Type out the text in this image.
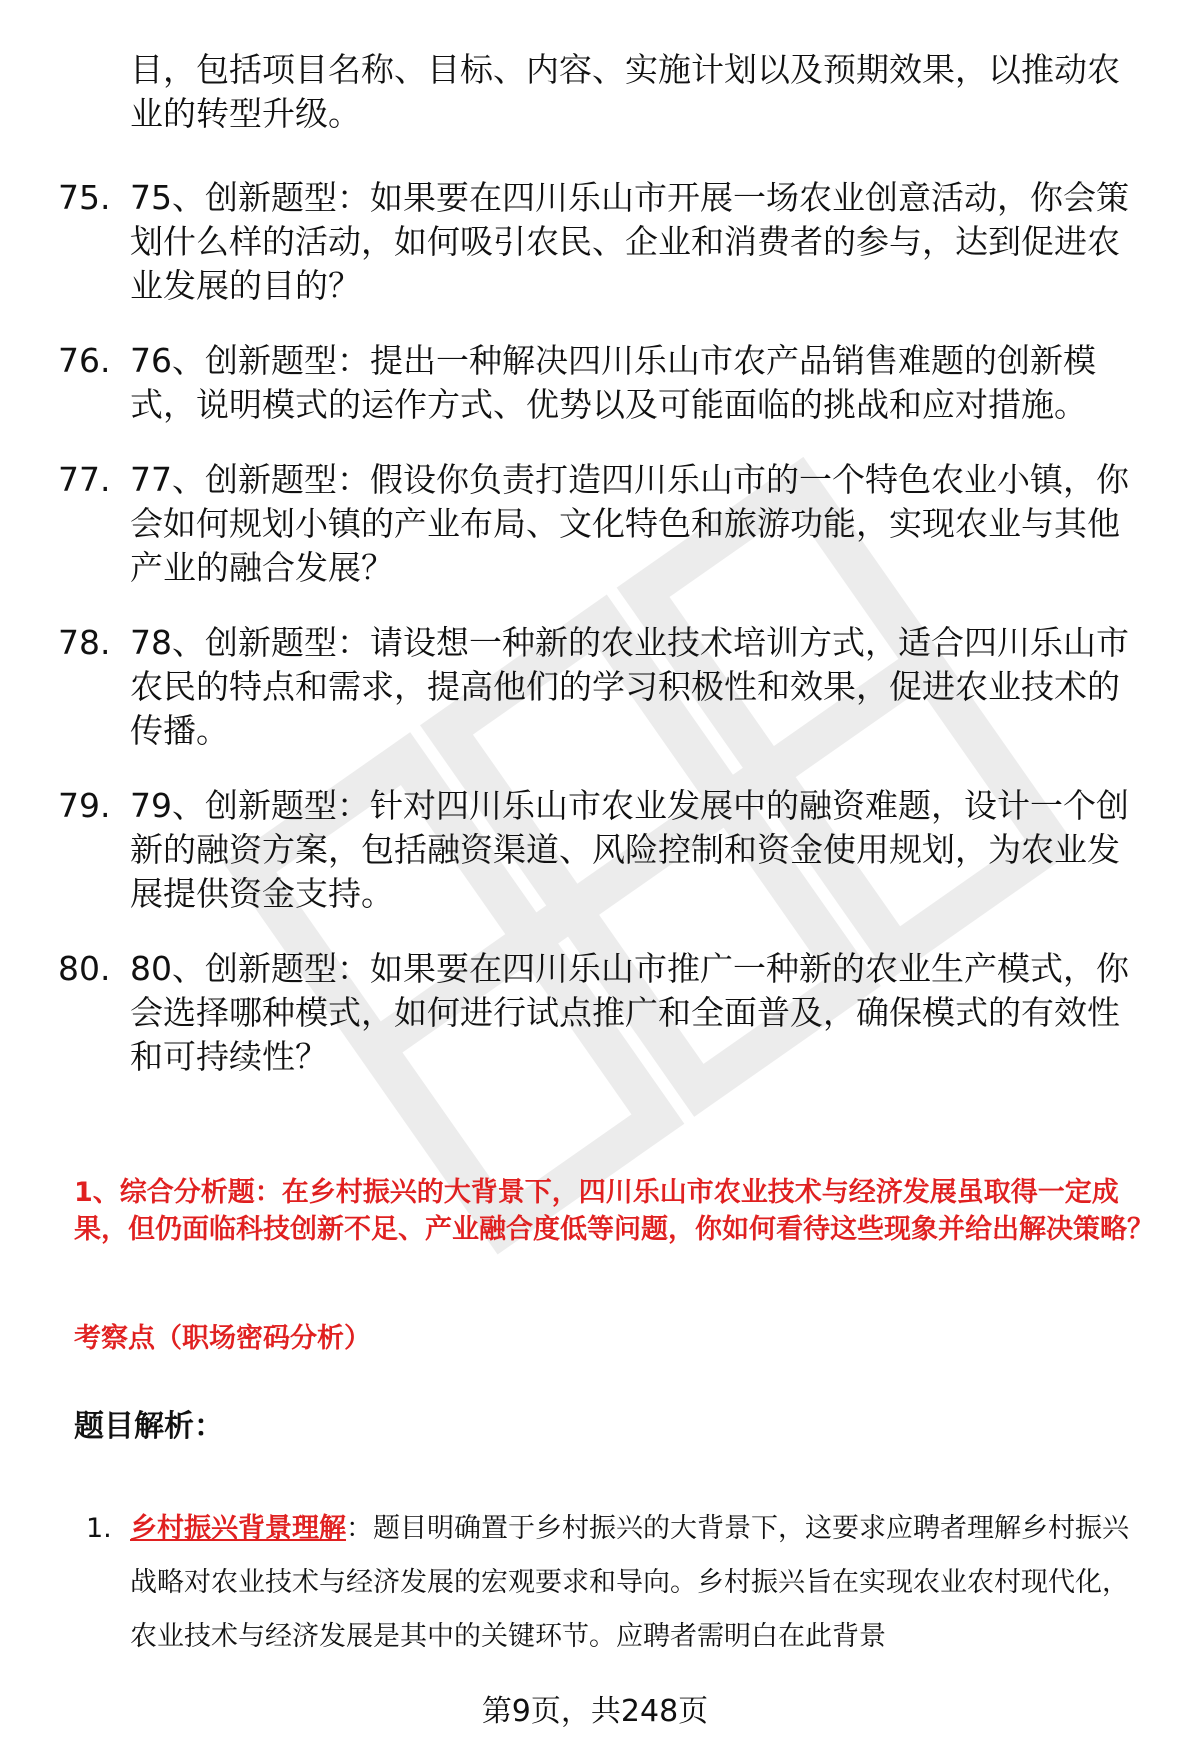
目，包括项目名称、目标、内容、实施计划以及预期效果，以推动农业的转型升级。
75. 75、创新题型：如果要在四川乐山市开展一场农业创意活动，你会策划什么样的活动，如何吸引农民、企业和消费者的参与，达到促进农业发展的目的？
76. 76、创新题型：提出一种解决四川乐山市农产品销售难题的创新模式，说明模式的运作方式、优势以及可能面临的挑战和应对措施。
77. 77、创新题型：假设你负责打造四川乐山市的一个特色农业小镇，你会如何规划小镇的产业布局、文化特色和旅游功能，实现农业与其他产业的融合发展？
78. 78、创新题型：请设想一种新的农业技术培训方式，适合四川乐山市农民的特点和需求，提高他们的学习积极性和效果，促进农业技术的传播。
79. 79、创新题型：针对四川乐山市农业发展中的融资难题，设计一个创新的融资方案，包括融资渠道、风险控制和资金使用规划，为农业发展提供资金支持。
80. 80、创新题型：如果要在四川乐山市推广一种新的农业生产模式，你会选择哪种模式，如何进行试点推广和全面普及，确保模式的有效性和可持续性？
1、综合分析题：在乡村振兴的大背景下，四川乐山市农业技术与经济发展虽取得一定成果，但仍面临科技创新不足、产业融合度低等问题，你如何看待这些现象并给出解决策略？
考察点（职场密码分析）
题目解析：
1. 乡村振兴背景理解：题目明确置于乡村振兴的大背景下，这要求应聘者理解乡村振兴战略对农业技术与经济发展的宏观要求和导向。乡村振兴旨在实现农业农村现代化，农业技术与经济发展是其中的关键环节。应聘者需明白在此背景
第9页，共248页
